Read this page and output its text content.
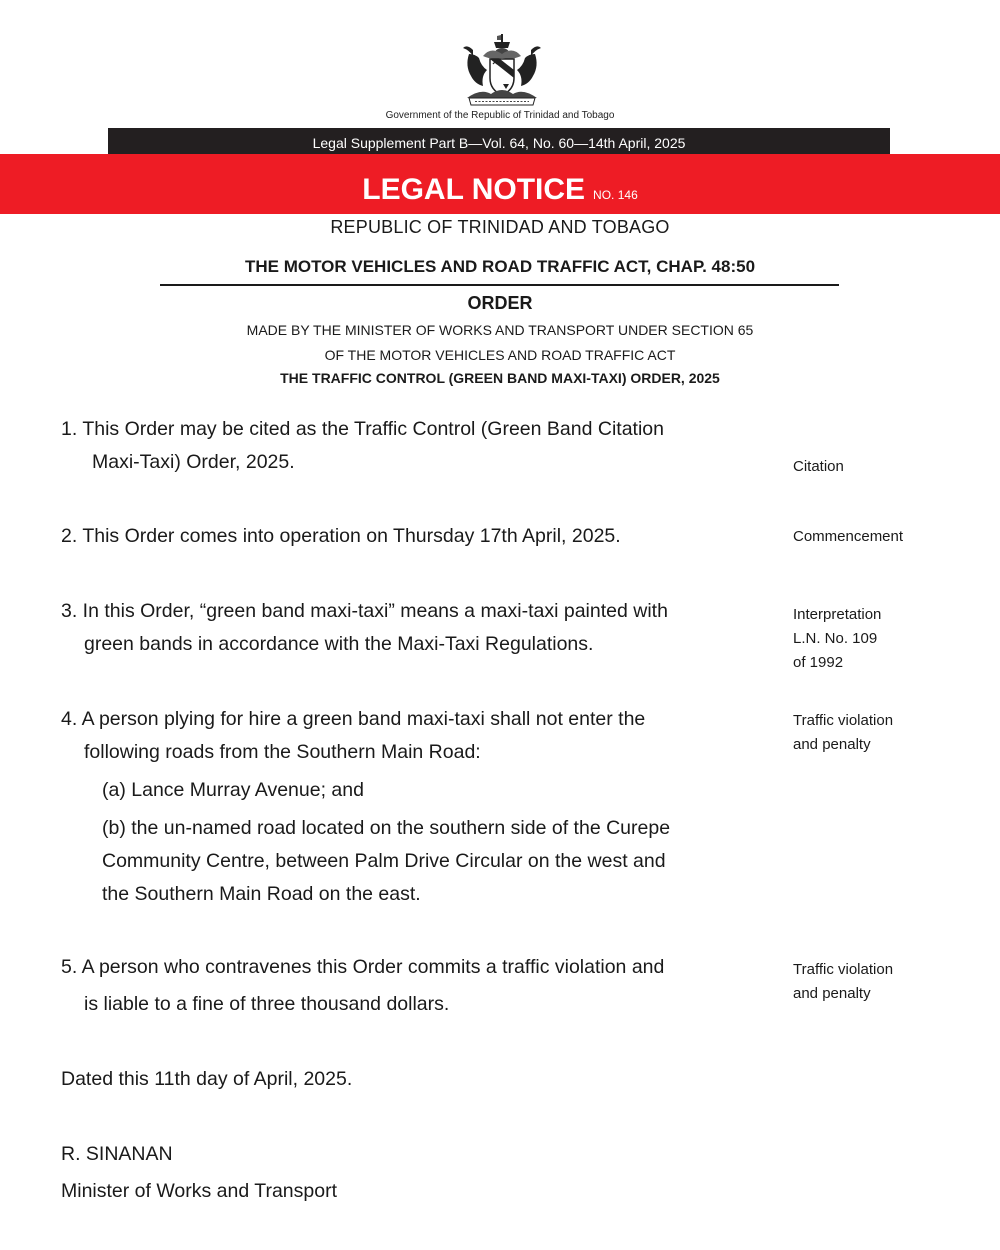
Government of the Republic of Trinidad and Tobago
Legal Supplement Part B—Vol. 64, No. 60—14th April, 2025
LEGAL NOTICE NO. 146
REPUBLIC OF TRINIDAD AND TOBAGO
THE MOTOR VEHICLES AND ROAD TRAFFIC ACT, CHAP. 48:50
ORDER
MADE BY THE MINISTER OF WORKS AND TRANSPORT UNDER SECTION 65
OF THE MOTOR VEHICLES AND ROAD TRAFFIC ACT
THE TRAFFIC CONTROL (GREEN BAND MAXI-TAXI) ORDER, 2025
1. This Order may be cited as the Traffic Control (Green Band Citation
Maxi-Taxi) Order, 2025.	Citation
2. This Order comes into operation on Thursday 17th April, 2025.	Commencement
3. In this Order, “green band maxi-taxi” means a maxi-taxi painted with
green bands in accordance with the Maxi-Taxi Regulations.
Interpretation
L.N. No. 109
of 1992
4. A person plying for hire a green band maxi-taxi shall not enter the
following roads from the Southern Main Road:
(a) Lance Murray Avenue; and
(b) the un-named road located on the southern side of the Curepe
Community Centre, between Palm Drive Circular on the west and
the Southern Main Road on the east.
Traffic violation
and penalty
5. A person who contravenes this Order commits a traffic violation and
is liable to a fine of three thousand dollars.
Traffic violation
and penalty
Dated this 11th day of April, 2025.
R. SINANAN
Minister of Works and Transport
